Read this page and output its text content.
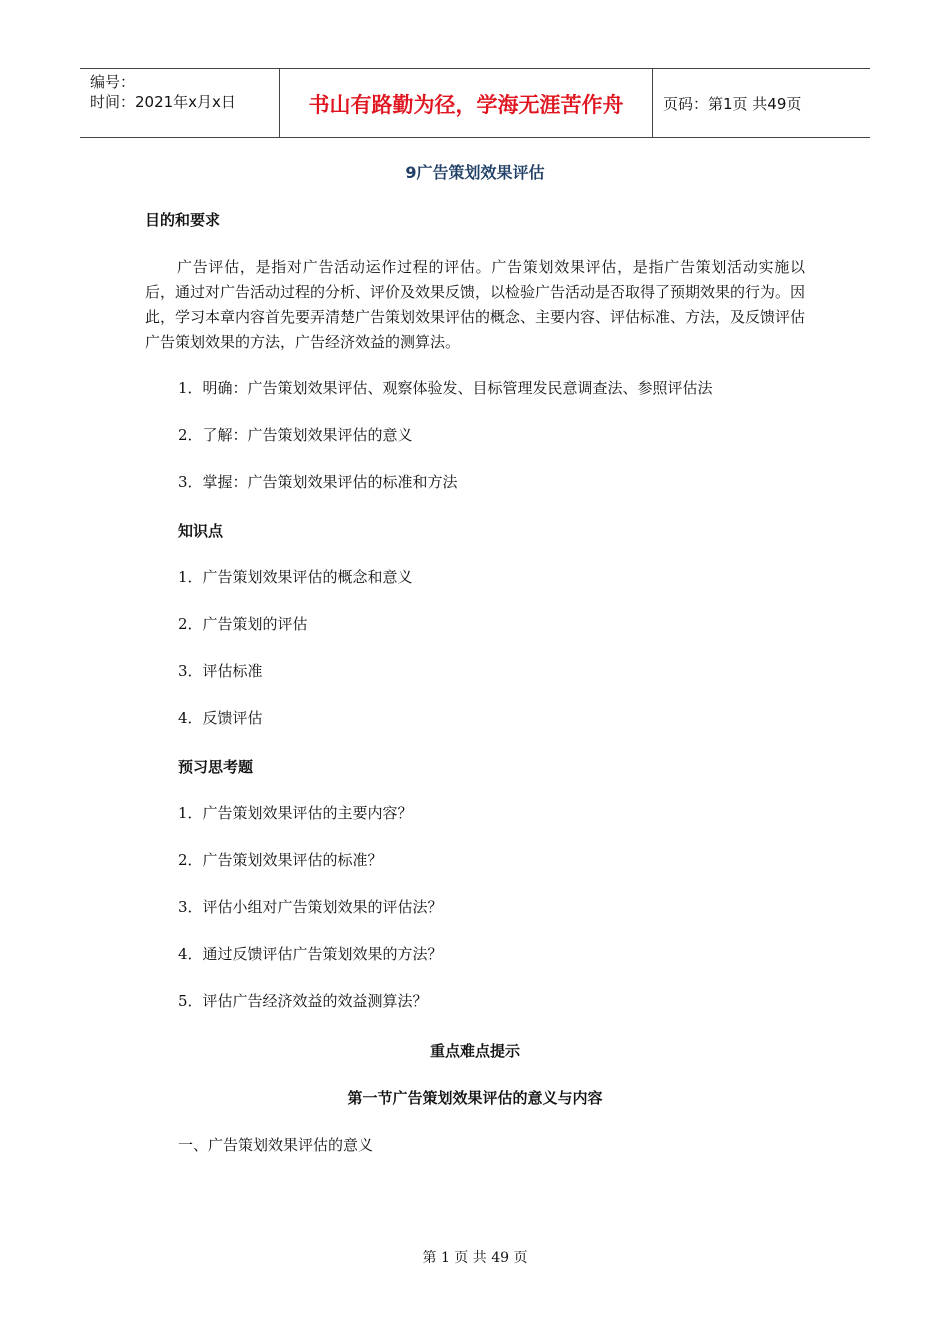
编号：
时间：2021年x月x日	书山有路勤为径，学海无涯苦作舟	页码：第1页 共49页
9广告策划效果评估
目的和要求
广告评估，是指对广告活动运作过程的评估。广告策划效果评估，是指广告策划活动实施以后，通过对广告活动过程的分析、评价及效果反馈，以检验广告活动是否取得了预期效果的行为。因此，学习本章内容首先要弄清楚广告策划效果评估的概念、主要内容、评估标准、方法，及反馈评估广告策划效果的方法，广告经济效益的测算法。
1．明确：广告策划效果评估、观察体验发、目标管理发民意调查法、参照评估法
2．了解：广告策划效果评估的意义
3．掌握：广告策划效果评估的标准和方法
知识点
1．广告策划效果评估的概念和意义
2．广告策划的评估
3．评估标准
4．反馈评估
预习思考题
1．广告策划效果评估的主要内容？
2．广告策划效果评估的标准？
3．评估小组对广告策划效果的评估法？
4．通过反馈评估广告策划效果的方法？
5．评估广告经济效益的效益测算法？
重点难点提示
第一节广告策划效果评估的意义与内容
一、广告策划效果评估的意义
第 1 页 共 49 页
